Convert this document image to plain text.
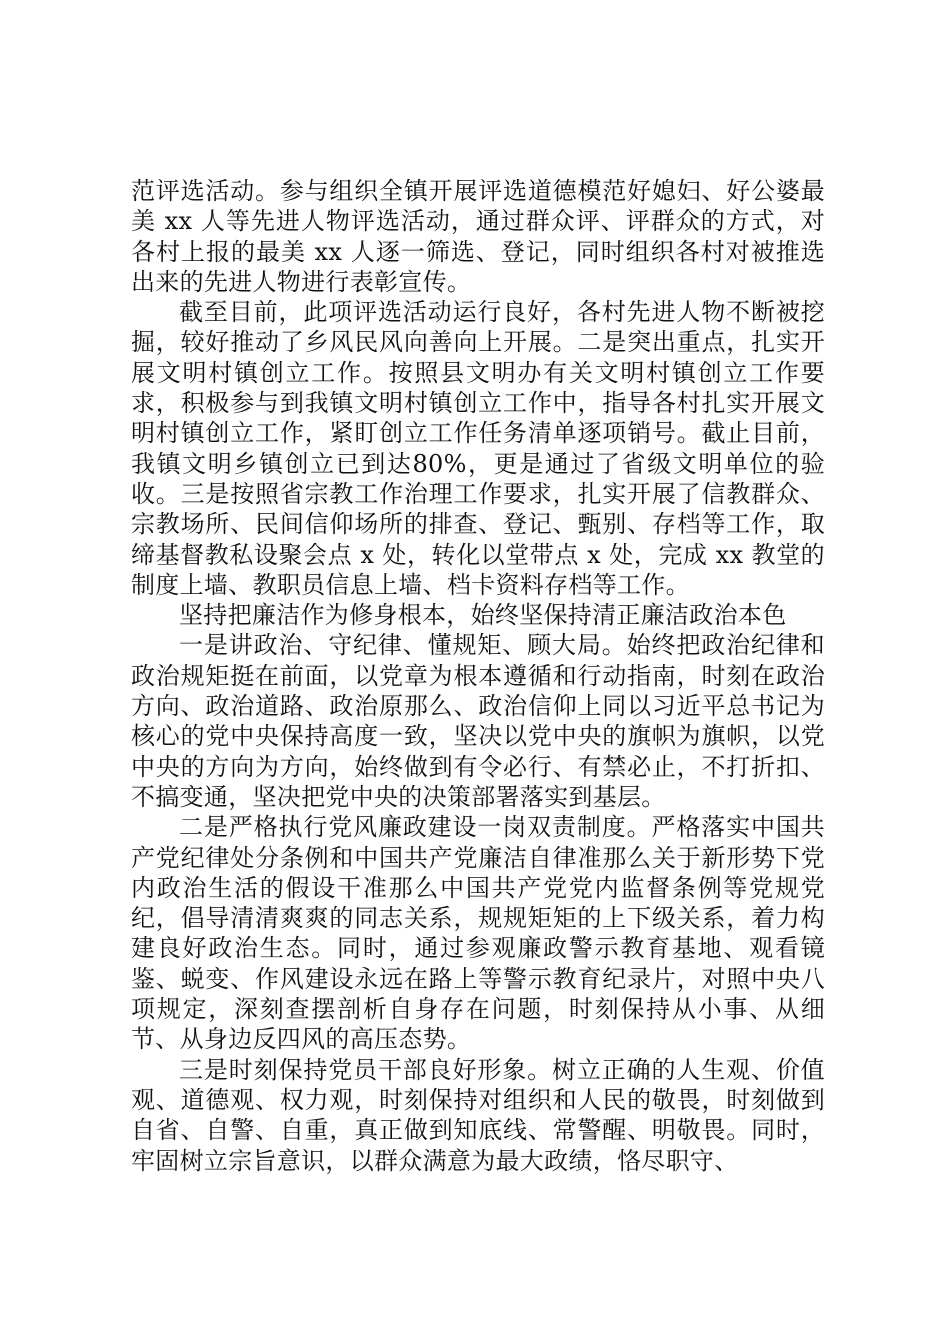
范评选活动。参与组织全镇开展评选道德模范好媳妇、好公婆最美 xx 人等先进人物评选活动，通过群众评、评群众的方式，对各村上报的最美 xx 人逐一筛选、登记，同时组织各村对被推选出来的先进人物进行表彰宣传。

截至目前，此项评选活动运行良好，各村先进人物不断被挖掘，较好推动了乡风民风向善向上开展。二是突出重点，扎实开展文明村镇创立工作。按照县文明办有关文明村镇创立工作要求，积极参与到我镇文明村镇创立工作中，指导各村扎实开展文明村镇创立工作，紧盯创立工作任务清单逐项销号。截止目前，我镇文明乡镇创立已到达80%，更是通过了省级文明单位的验收。三是按照省宗教工作治理工作要求，扎实开展了信教群众、宗教场所、民间信仰场所的排查、登记、甄别、存档等工作，取缔基督教私设聚会点 x 处，转化以堂带点 x 处，完成 xx 教堂的制度上墙、教职员信息上墙、档卡资料存档等工作。

坚持把廉洁作为修身根本，始终坚保持清正廉洁政治本色

一是讲政治、守纪律、懂规矩、顾大局。始终把政治纪律和政治规矩挺在前面，以党章为根本遵循和行动指南，时刻在政治方向、政治道路、政治原那么、政治信仰上同以习近平总书记为核心的党中央保持高度一致，坚决以党中央的旗帜为旗帜，以党中央的方向为方向，始终做到有令必行、有禁必止，不打折扣、不搞变通，坚决把党中央的决策部署落实到基层。

二是严格执行党风廉政建设一岗双责制度。严格落实中国共产党纪律处分条例和中国共产党廉洁自律准那么关于新形势下党内政治生活的假设干准那么中国共产党党内监督条例等党规党纪，倡导清清爽爽的同志关系，规规矩矩的上下级关系，着力构建良好政治生态。同时，通过参观廉政警示教育基地、观看镜鉴、蜕变、作风建设永远在路上等警示教育纪录片，对照中央八项规定，深刻查摆剖析自身存在问题，时刻保持从小事、从细节、从身边反四风的高压态势。

三是时刻保持党员干部良好形象。树立正确的人生观、价值观、道德观、权力观，时刻保持对组织和人民的敬畏，时刻做到自省、自警、自重，真正做到知底线、常警醒、明敬畏。同时，牢固树立宗旨意识，以群众满意为最大政绩，恪尽职守、
